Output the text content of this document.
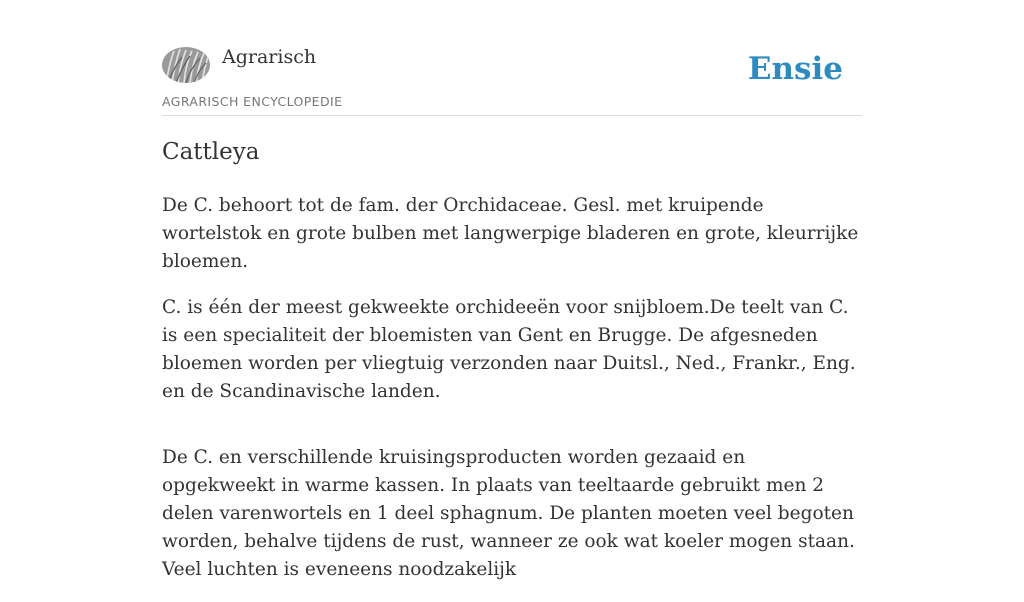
Agrarisch
AGRARISCH ENCYCLOPEDIE
Ensie
Cattleya

De C. behoort tot de fam. der Orchidaceae. Gesl. met kruipende wortelstok en grote bulben met langwerpige bladeren en grote, kleurrijke bloemen.

C. is één der meest gekweekte orchideeën voor snijbloem.De teelt van C. is een specialiteit der bloemisten van Gent en Brugge. De afgesneden bloemen worden per vliegtuig verzonden naar Duitsl., Ned., Frankr., Eng. en de Scandinavische landen.

De C. en verschillende kruisingsproducten worden gezaaid en opgekweekt in warme kassen. In plaats van teeltaarde gebruikt men 2 delen varenwortels en 1 deel sphagnum. De planten moeten veel begoten worden, behalve tijdens de rust, wanneer ze ook wat koeler mogen staan. Veel luchten is eveneens noodzakelijk
